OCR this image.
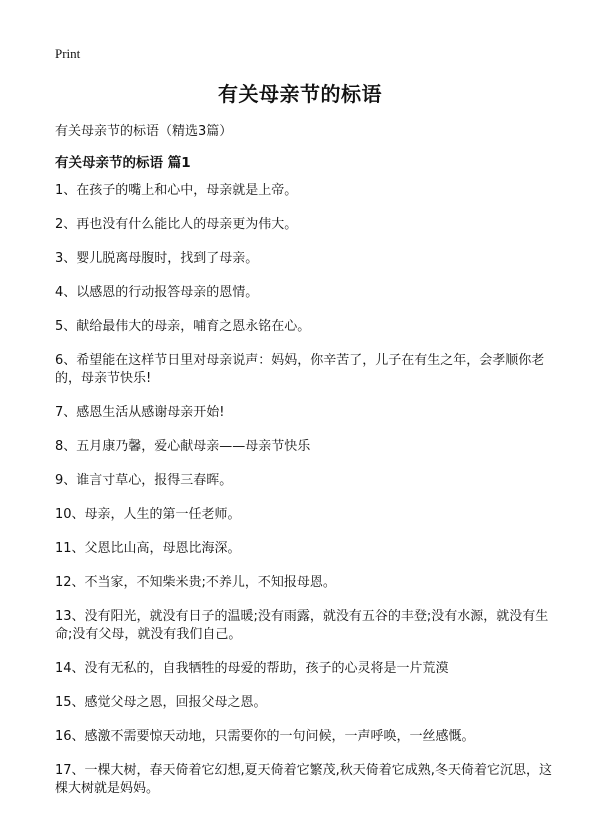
Print
有关母亲节的标语
有关母亲节的标语（精选3篇）
有关母亲节的标语 篇1
1、在孩子的嘴上和心中，母亲就是上帝。
2、再也没有什么能比人的母亲更为伟大。
3、婴儿脱离母腹时，找到了母亲。
4、以感恩的行动报答母亲的恩情。
5、献给最伟大的母亲，哺育之恩永铭在心。
6、希望能在这样节日里对母亲说声：妈妈，你辛苦了，儿子在有生之年，会孝顺你老的，母亲节快乐!
7、感恩生活从感谢母亲开始!
8、五月康乃馨，爱心献母亲——母亲节快乐
9、谁言寸草心，报得三春晖。
10、母亲，人生的第一任老师。
11、父恩比山高，母恩比海深。
12、不当家，不知柴米贵;不养儿，不知报母恩。
13、没有阳光，就没有日子的温暖;没有雨露，就没有五谷的丰登;没有水源，就没有生命;没有父母，就没有我们自己。
14、没有无私的，自我牺牲的母爱的帮助，孩子的心灵将是一片荒漠
15、感觉父母之恩，回报父母之恩。
16、感激不需要惊天动地，只需要你的一句问候，一声呼唤，一丝感慨。
17、一棵大树，春天倚着它幻想,夏天倚着它繁茂,秋天倚着它成熟,冬天倚着它沉思，这棵大树就是妈妈。
